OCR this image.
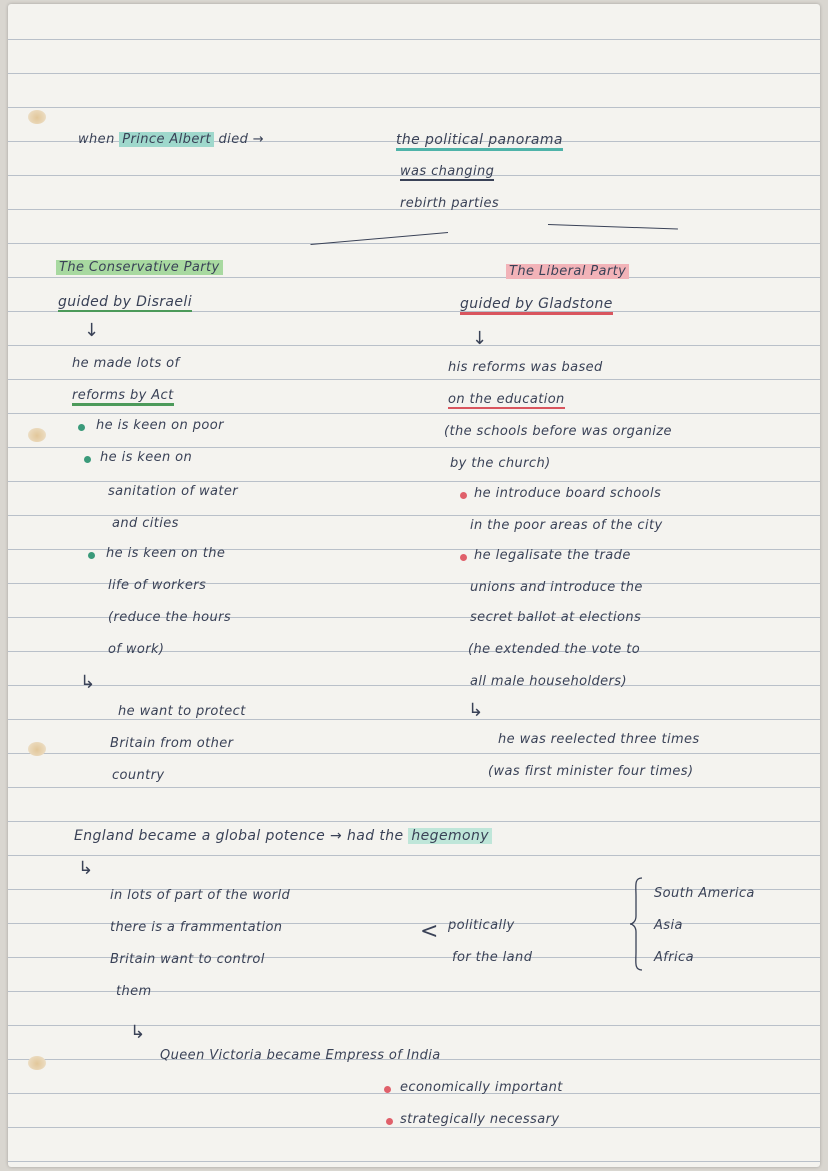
when Prince Albert died →	the political panorama
was changing
rebirth parties
The Conservative Party
guided by Disraeli
↓
he made lots of
reforms by Act
he is keen on poor
he is keen on
sanitation of water
and cities
he is keen on the
life of workers
(reduce the hours
of work)
↳
he want to protect
Britain from other
country
The Liberal Party
guided by Gladstone
↓
his reforms was based
on the education
(the schools before was organize
by the church)
he introduce board schools
in the poor areas of the city
he legalisate the trade
unions and introduce the
secret ballot at elections
(he extended the vote to
all male householders)
↳
he was reelected three times
(was first minister four times)
England became a global potence → had the hegemony
↳
in lots of part of the world
there is a frammentation
Britain want to control
them
< politically
for the land
South America
Asia
Africa
↳
Queen Victoria became Empress of India
economically important
strategically necessary
